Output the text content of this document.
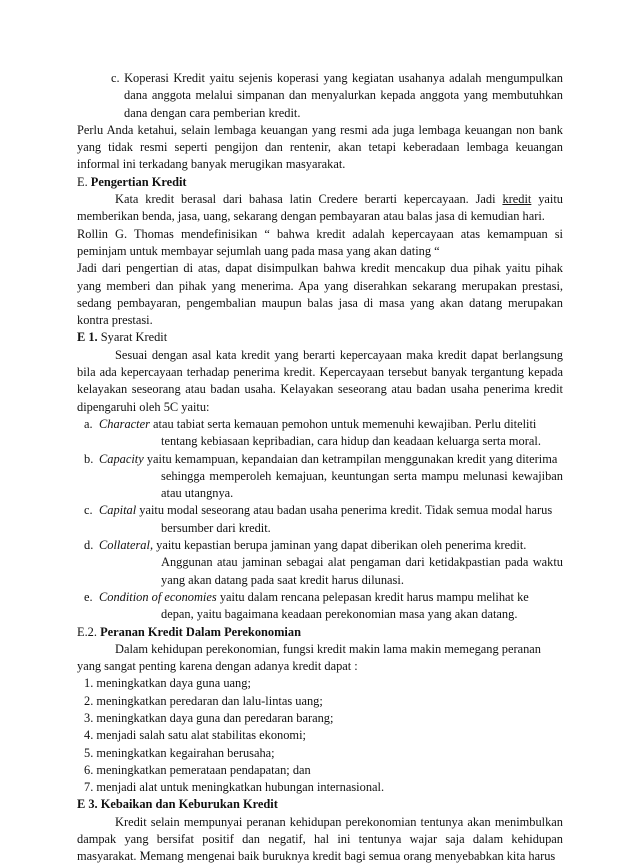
c. Koperasi Kredit yaitu sejenis koperasi yang kegiatan usahanya adalah mengumpulkan dana anggota melalui simpanan dan menyalurkan kepada anggota yang membutuhkan dana dengan cara pemberian kredit.

Perlu Anda ketahui, selain lembaga keuangan yang resmi ada juga lembaga keuangan non bank yang tidak resmi seperti pengijon dan rentenir, akan tetapi keberadaan lembaga keuangan informal ini terkadang banyak merugikan masyarakat.

E. Pengertian Kredit

Kata kredit berasal dari bahasa latin Credere berarti kepercayaan. Jadi kredit yaitu memberikan benda, jasa, uang, sekarang dengan pembayaran atau balas jasa di kemudian hari.

Rollin G. Thomas mendefinisikan “ bahwa kredit adalah kepercayaan atas kemampuan si peminjam untuk membayar sejumlah uang pada masa yang akan dating “

Jadi dari pengertian di atas, dapat disimpulkan bahwa kredit mencakup dua pihak yaitu pihak yang memberi dan pihak yang menerima. Apa yang diserahkan sekarang merupakan prestasi, sedang pembayaran, pengembalian maupun balas jasa di masa yang akan datang merupakan kontra prestasi.

E 1. Syarat Kredit

Sesuai dengan asal kata kredit yang berarti kepercayaan maka kredit dapat berlangsung bila ada kepercayaan terhadap penerima kredit. Kepercayaan tersebut banyak tergantung kepada kelayakan seseorang atau badan usaha. Kelayakan seseorang atau badan usaha penerima kredit dipengaruhi oleh 5C yaitu:

a. Character atau tabiat serta kemauan pemohon untuk memenuhi kewajiban. Perlu diteliti

tentang kebiasaan kepribadian, cara hidup dan keadaan keluarga serta moral.

b. Capacity yaitu kemampuan, kepandaian dan ketrampilan menggunakan kredit yang diterima

sehingga memperoleh kemajuan, keuntungan serta mampu melunasi kewajiban atau utangnya.

c. Capital yaitu modal seseorang atau badan usaha penerima kredit. Tidak semua modal harus

bersumber dari kredit.

d. Collateral, yaitu kepastian berupa jaminan yang dapat diberikan oleh penerima kredit.

Anggunan atau jaminan sebagai alat pengaman dari ketidakpastian pada waktu yang akan datang pada saat kredit harus dilunasi.

e. Condition of economies yaitu dalam rencana pelepasan kredit harus mampu melihat ke

depan, yaitu bagaimana keadaan perekonomian masa yang akan datang.

E.2. Peranan Kredit Dalam Perekonomian

Dalam kehidupan perekonomian, fungsi kredit makin lama makin memegang peranan yang sangat penting karena dengan adanya kredit dapat :

1. meningkatkan daya guna uang;
2. meningkatkan peredaran dan lalu-lintas uang;
3. meningkatkan daya guna dan peredaran barang;
4. menjadi salah satu alat stabilitas ekonomi;
5. meningkatkan kegairahan berusaha;
6. meningkatkan pemerataan pendapatan; dan
7. menjadi alat untuk meningkatkan hubungan internasional.

E 3. Kebaikan dan Keburukan Kredit

Kredit selain mempunyai peranan kehidupan perekonomian tentunya akan menimbulkan dampak yang bersifat positif dan negatif, hal ini tentunya wajar saja dalam kehidupan masyarakat. Memang mengenai baik buruknya kredit bagi semua orang menyebabkan kita harus
